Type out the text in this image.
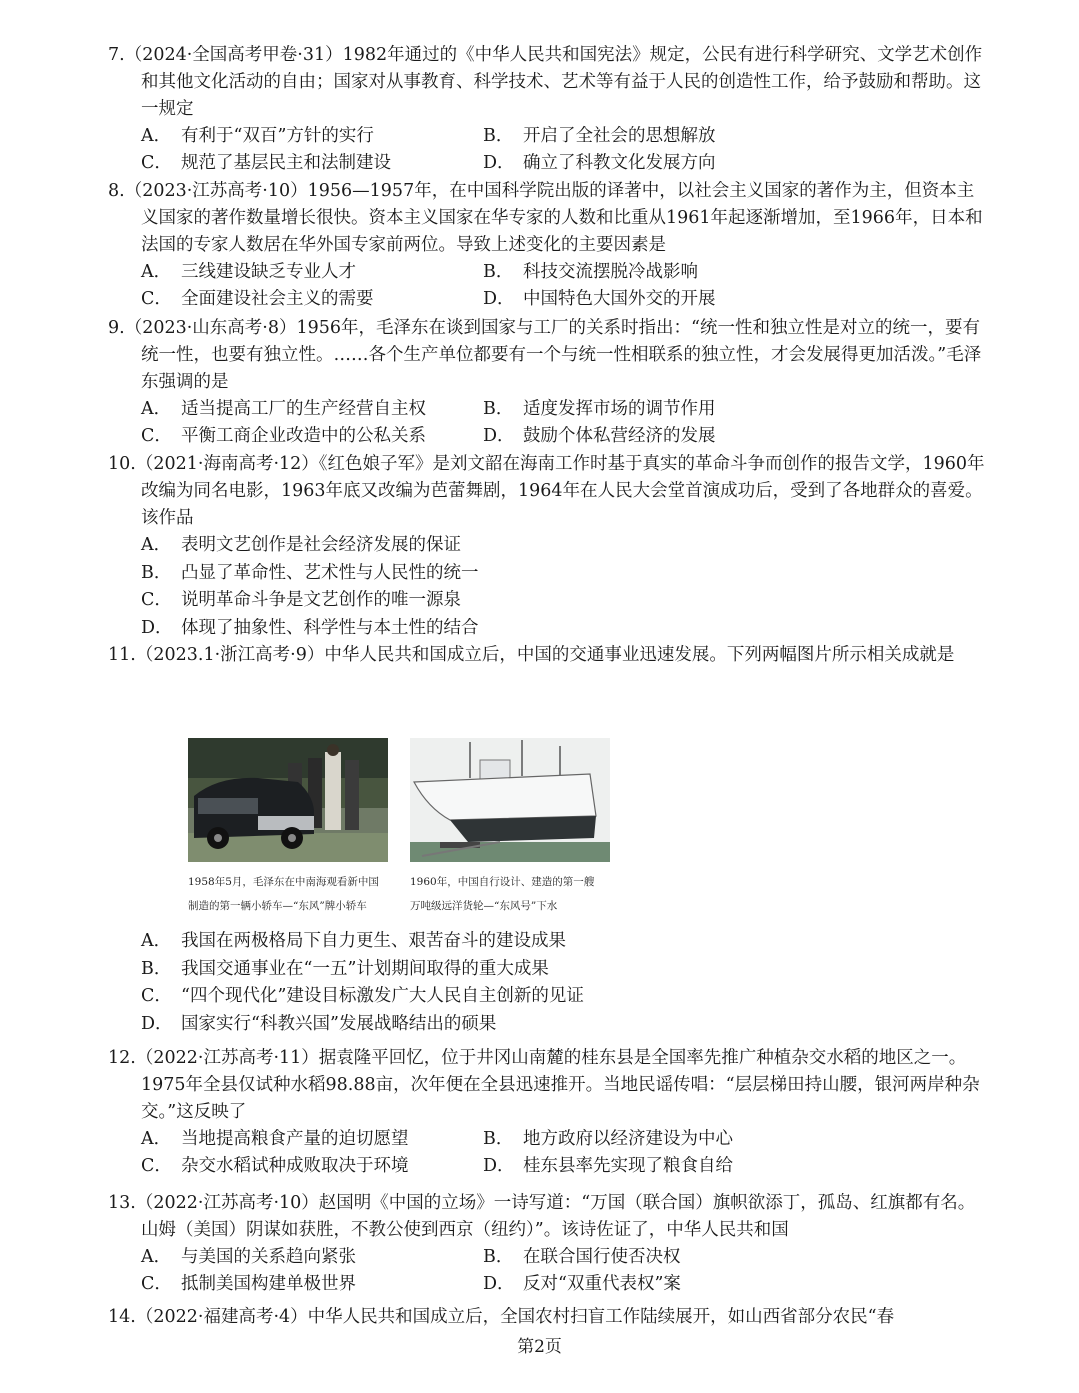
7.（2024·全国高考甲卷·31）1982年通过的《中华人民共和国宪法》规定，公民有进行科学研究、文学艺术创作和其他文化活动的自由；国家对从事教育、科学技术、艺术等有益于人民的创造性工作，给予鼓励和帮助。这一规定
A． 有利于“双百”方针的实行	B． 开启了全社会的思想解放
C． 规范了基层民主和法制建设	D． 确立了科教文化发展方向
8.（2023·江苏高考·10）1956—1957年，在中国科学院出版的译著中，以社会主义国家的著作为主，但资本主义国家的著作数量增长很快。资本主义国家在华专家的人数和比重从1961年起逐渐增加，至1966年，日本和法国的专家人数居在华外国专家前两位。导致上述变化的主要因素是
A． 三线建设缺乏专业人才	B． 科技交流摆脱冷战影响
C． 全面建设社会主义的需要	D． 中国特色大国外交的开展
9.（2023·山东高考·8）1956年，毛泽东在谈到国家与工厂的关系时指出：“统一性和独立性是对立的统一，要有统一性，也要有独立性。……各个生产单位都要有一个与统一性相联系的独立性，才会发展得更加活泼。”毛泽东强调的是
A． 适当提高工厂的生产经营自主权	B． 适度发挥市场的调节作用
C． 平衡工商企业改造中的公私关系	D． 鼓励个体私营经济的发展
10.（2021·海南高考·12）《红色娘子军》是刘文韶在海南工作时基于真实的革命斗争而创作的报告文学，1960年改编为同名电影，1963年底又改编为芭蕾舞剧，1964年在人民大会堂首演成功后，受到了各地群众的喜爱。该作品
A． 表明文艺创作是社会经济发展的保证
B． 凸显了革命性、艺术性与人民性的统一
C． 说明革命斗争是文艺创作的唯一源泉
D． 体现了抽象性、科学性与本土性的结合
11.（2023.1·浙江高考·9）中华人民共和国成立后，中国的交通事业迅速发展。下列两幅图片所示相关成就是
1958年5月，毛泽东在中南海观看新中国
制造的第一辆小轿车—“东风”牌小轿车
1960年，中国自行设计、建造的第一艘
万吨级远洋货轮—“东风号”下水
A． 我国在两极格局下自力更生、艰苦奋斗的建设成果
B． 我国交通事业在“一五”计划期间取得的重大成果
C． “四个现代化”建设目标激发广大人民自主创新的见证
D． 国家实行“科教兴国”发展战略结出的硕果
12.（2022·江苏高考·11）据袁隆平回忆，位于井冈山南麓的桂东县是全国率先推广种植杂交水稻的地区之一。1975年全县仅试种水稻98.88亩，次年便在全县迅速推开。当地民谣传唱：“层层梯田持山腰，银河两岸种杂交。”这反映了
A． 当地提高粮食产量的迫切愿望	B． 地方政府以经济建设为中心
C． 杂交水稻试种成败取决于环境	D． 桂东县率先实现了粮食自给
13.（2022·江苏高考·10）赵国明《中国的立场》一诗写道：“万国（联合国）旗帜欲添丁，孤岛、红旗都有名。山姆（美国）阴谋如获胜，不教公使到西京（纽约）”。该诗佐证了，中华人民共和国
A． 与美国的关系趋向紧张	B． 在联合国行使否决权
C． 抵制美国构建单极世界	D． 反对“双重代表权”案
14.（2022·福建高考·4）中华人民共和国成立后，全国农村扫盲工作陆续展开，如山西省部分农民“春
第2页
